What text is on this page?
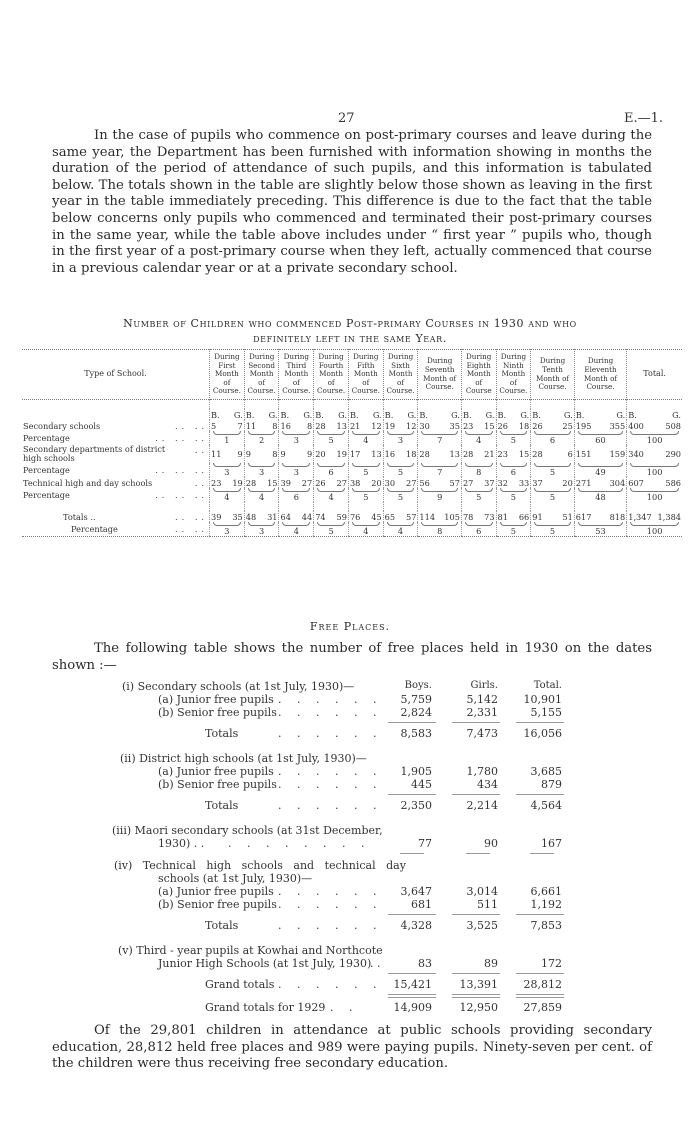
27	E.—1.

In the case of pupils who commence on post-primary courses and leave during the same year, the Department has been furnished with information showing in months the duration of the period of attendance of such pupils, and this information is tabulated below. The totals shown in the table are slightly below those shown as leaving in the first year in the table immediately preceding. This difference is due to the fact that the table below concerns only pupils who commenced and terminated their post-primary courses in the same year, while the table above includes under “ first year ” pupils who, though in the first year of a post-primary course when they left, actually commenced that course in a previous calendar year or at a private secondary school.

Number of Children who commenced Post-primary Courses in 1930 and who
definitely left in the same Year.
Type of School.	During First Month of Course.	During Second Month of Course.	During Third Month of Course.	During Fourth Month of Course.	During Fifth Month of Course.	During Sixth Month of Course.	During Seventh Month of Course.	During Eighth Month of Course	During Ninth Month of Course.	During Tenth Month of Course.	During Eleventh Month of Course.	Total.

	B. G.	B. G.	B. G.	B. G.	B. G.	B. G.	B. G.	B. G.	B. G.	B. G.	B. G.	B. G.

Secondary schools .. ..	5 7	11 8	16 8	28 13	21 12	19 12	30 35	23 15	26 18	26 25	195 355	400 508

Percentage .. .. ..	1	2	3	5	4	3	7	4	5	6	60	100
Secondary departments of district high schools
..	11 9	9 8	9 9	20 19	17 13	16 18	28 13	28 21	23 15	28 6	151 159	340 290

Percentage .. .. ..	3	3	3	6	5	5	7	8	6	5	49	100
Technical high and day schools ..	23 19	28 15	39 27	26 27	38 20	30 27	56 57	27 37	32 33	37 20	271 304	607 586

Percentage .. .. ..	4	4	6	4	5	5	9	5	5	5	48	100

Totals .. .. ..	39 35	48 31	64 44	74 59	76 45	65 57	114 105	78 73	81 66	91 51	617 818	1,347 1,384

Percentage .. ..	3	3	4	5	4	4	8	6	5	5	53	100
Free Places.

The following table shows the number of free places held in 1930 on the dates shown :—

Boys.	Girls.	Total.
(i) Secondary schools (at 1st July, 1930)—
(a) Junior free pupils . . . . . .	5,759	5,142	10,901
(b) Senior free pupils . . . . . .	2,824	2,331	5,155
Totals	. . . . . .	8,583	7,473	16,056
(ii) District high schools (at 1st July, 1930)—
(a) Junior free pupils . . . . . .	1,905	1,780	3,685
(b) Senior free pupils . . . . . .	445	434	879
Totals	. . . . . .	2,350	2,214	4,564
(iii) Maori secondary schools (at 31st December,
1930) . . . . . . . . . .	77	90	167
(iv) Technical high schools and technical day
schools (at 1st July, 1930)—
(a) Junior free pupils . . . . . .	3,647	3,014	6,661
(b) Senior free pupils . . . . . .	681	511	1,192
Totals	. . . . . .	4,328	3,525	7,853
(v) Third - year pupils at Kowhai and Northcote
Junior High Schools (at 1st July, 1930)
. .	83	89	172
Grand totals . . . . . .	15,421	13,391	28,812
Grand totals for 1929 . .	14,909	12,950	27,859

Of the 29,801 children in attendance at public schools providing secondary education, 28,812 held free places and 989 were paying pupils. Ninety-seven per cent. of the children were thus receiving free secondary education.
